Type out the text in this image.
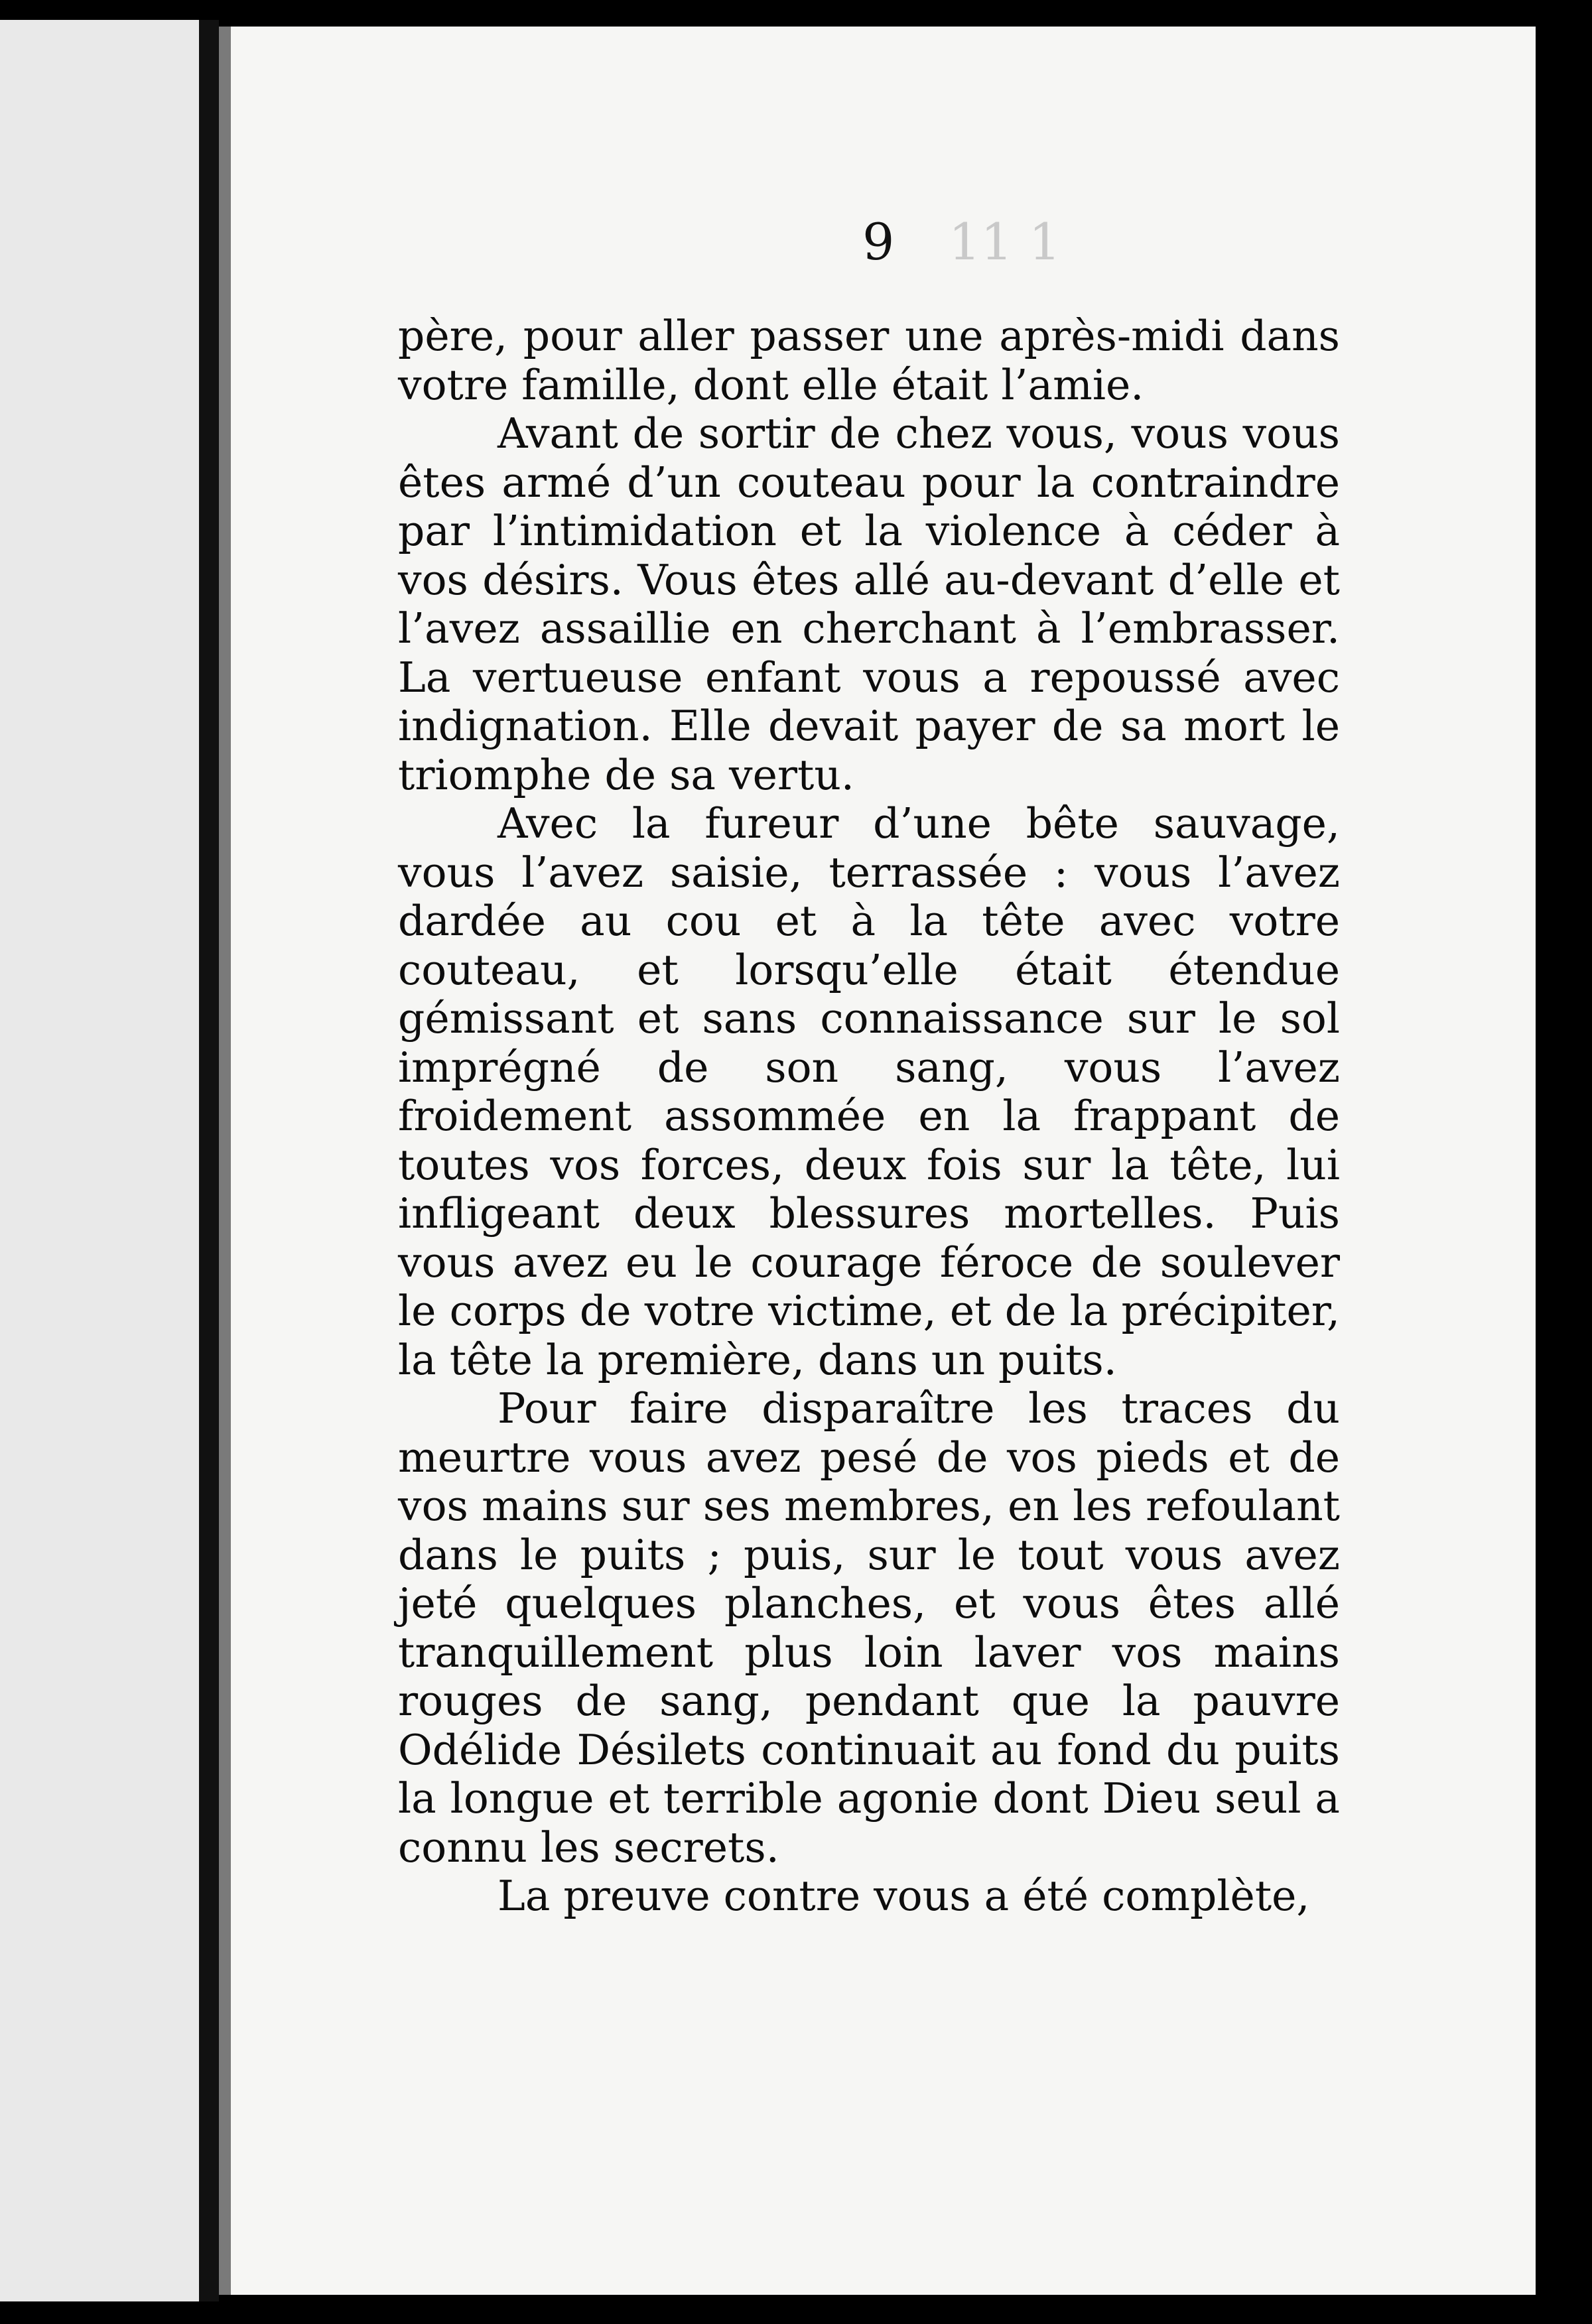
9 11 1

père, pour aller passer une après-midi dans votre famille, dont elle était l’amie.

Avant de sortir de chez vous, vous vous êtes armé d’un couteau pour la contraindre par l’intimidation et la violence à céder à vos désirs. Vous êtes allé au-devant d’elle et l’avez assaillie en cherchant à l’embrasser. La vertueuse enfant vous a repoussé avec indignation. Elle devait payer de sa mort le triomphe de sa vertu.

Avec la fureur d’une bête sauvage, vous l’avez saisie, terrassée : vous l’avez dardée au cou et à la tête avec votre couteau, et lorsqu’elle était étendue gémissant et sans connaissance sur le sol imprégné de son sang, vous l’avez froidement assommée en la frappant de toutes vos forces, deux fois sur la tête, lui infligeant deux blessures mortelles. Puis vous avez eu le courage féroce de soulever le corps de votre victime, et de la précipiter, la tête la première, dans un puits.

Pour faire disparaître les traces du meurtre vous avez pesé de vos pieds et de vos mains sur ses membres, en les refoulant dans le puits ; puis, sur le tout vous avez jeté quelques planches, et vous êtes allé tranquillement plus loin laver vos mains rouges de sang, pendant que la pauvre Odélide Désilets continuait au fond du puits la longue et terrible agonie dont Dieu seul a connu les secrets.

La preuve contre vous a été complète,
